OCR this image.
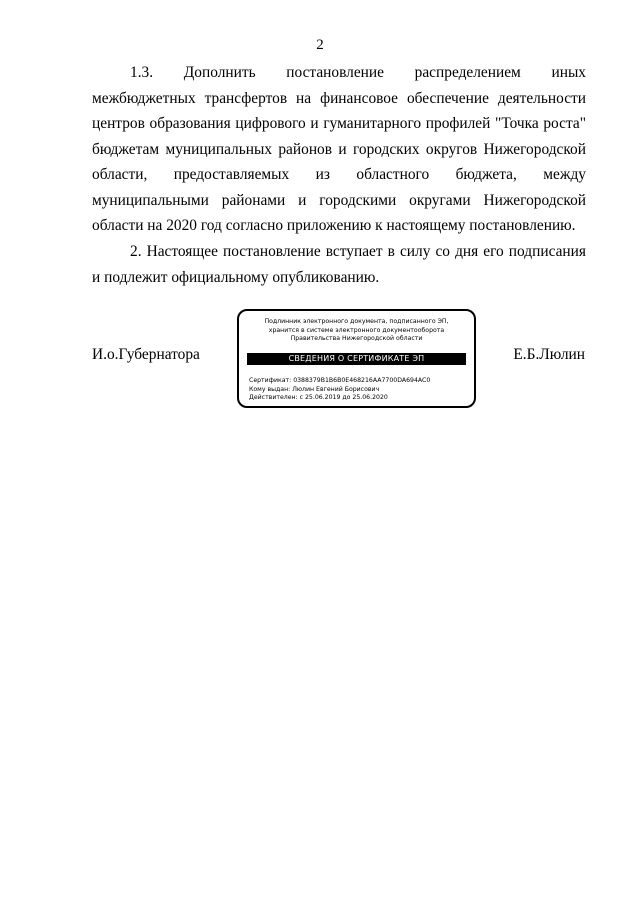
2
1.3. Дополнить постановление распределением иных межбюджетных трансфертов на финансовое обеспечение деятельности центров образования цифрового и гуманитарного профилей "Точка роста" бюджетам муниципальных районов и городских округов Нижегородской области, предоставляемых из областного бюджета, между муниципальными районами и городскими округами Нижегородской области на 2020 год согласно приложению к настоящему постановлению.
2. Настоящее постановление вступает в силу со дня его подписания и подлежит официальному опубликованию.
И.о.Губернатора
Подлинник электронного документа, подписанного ЭП,
хранится в системе электронного документооборота
Правительства Нижегородской области
СВЕДЕНИЯ О СЕРТИФИКАТЕ ЭП
Сертификат: 0388379B1B6B0E468216AA7700DA694AC0
Кому выдан: Люлин Евгений Борисович
Действителен: с 25.06.2019 до 25.06.2020
Е.Б.Люлин
